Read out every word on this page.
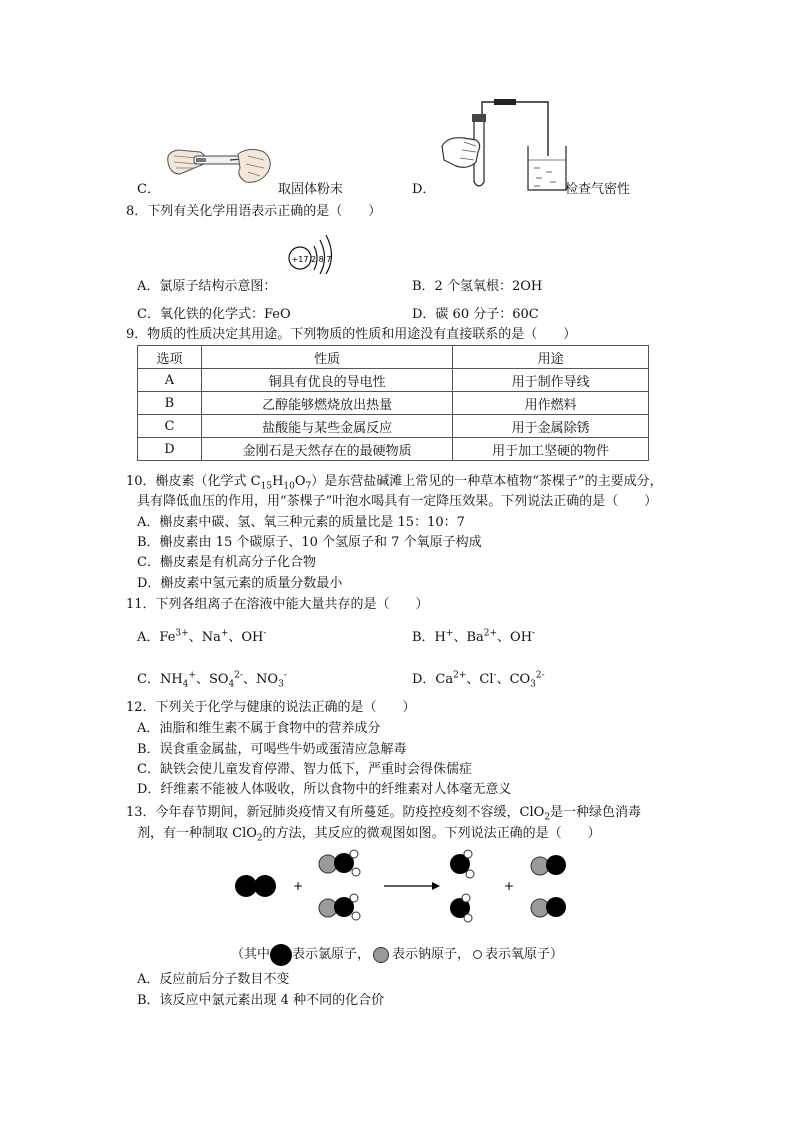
C．	取固体粉末	D．	检查气密性
8．下列有关化学用语表示正确的是（　　）
+17 2 8 7
A．氯原子结构示意图：	B．2 个氢氧根：2OH
C．氧化铁的化学式：FeO	D．碳 60 分子：60C
9．物质的性质决定其用途。下列物质的性质和用途没有直接联系的是（　　）
选项	性质	用途
A	铜具有优良的导电性	用于制作导线
B	乙醇能够燃烧放出热量	用作燃料
C	盐酸能与某些金属反应	用于金属除锈
D	金刚石是天然存在的最硬物质	用于加工坚硬的物件
10．槲皮素（化学式 $C_{15}H_{10}O_7$）是东营盐碱滩上常见的一种草本植物“茶棵子”的主要成分，
具有降低血压的作用，用“茶棵子”叶泡水喝具有一定降压效果。下列说法正确的是（　　）
A．槲皮素中碳、氢、氧三种元素的质量比是 15：10：7
B．槲皮素由 15 个碳原子、10 个氢原子和 7 个氧原子构成
C．槲皮素是有机高分子化合物
D．槲皮素中氢元素的质量分数最小
11．下列各组离子在溶液中能大量共存的是（　　）
A．$Fe^{3+}$、Na+、OH-	B．H+、$Ba^{2+}$、OH-
C．$NH_4^+$、$SO_4^{2-}$、$NO_3^-$	D．$Ca^{2+}$、Cl-、$CO_3^{2-}$
12．下列关于化学与健康的说法正确的是（　　）
A．油脂和维生素不属于食物中的营养成分
B．误食重金属盐，可喝些牛奶或蛋清应急解毒
C．缺铁会使儿童发育停滞、智力低下，严重时会得侏儒症
D．纤维素不能被人体吸收，所以食物中的纤维素对人体毫无意义
13．今年春节期间，新冠肺炎疫情又有所蔓延。防疫控疫刻不容缓，ClO$_2$是一种绿色消毒
剂，有一种制取 ClO$_2$的方法，其反应的微观图如图。下列说法正确的是（　　）
+	+
（其中 表示氯原子， 表示钠原子， 表示氧原子）
A．反应前后分子数目不变
B．该反应中氯元素出现 4 种不同的化合价
